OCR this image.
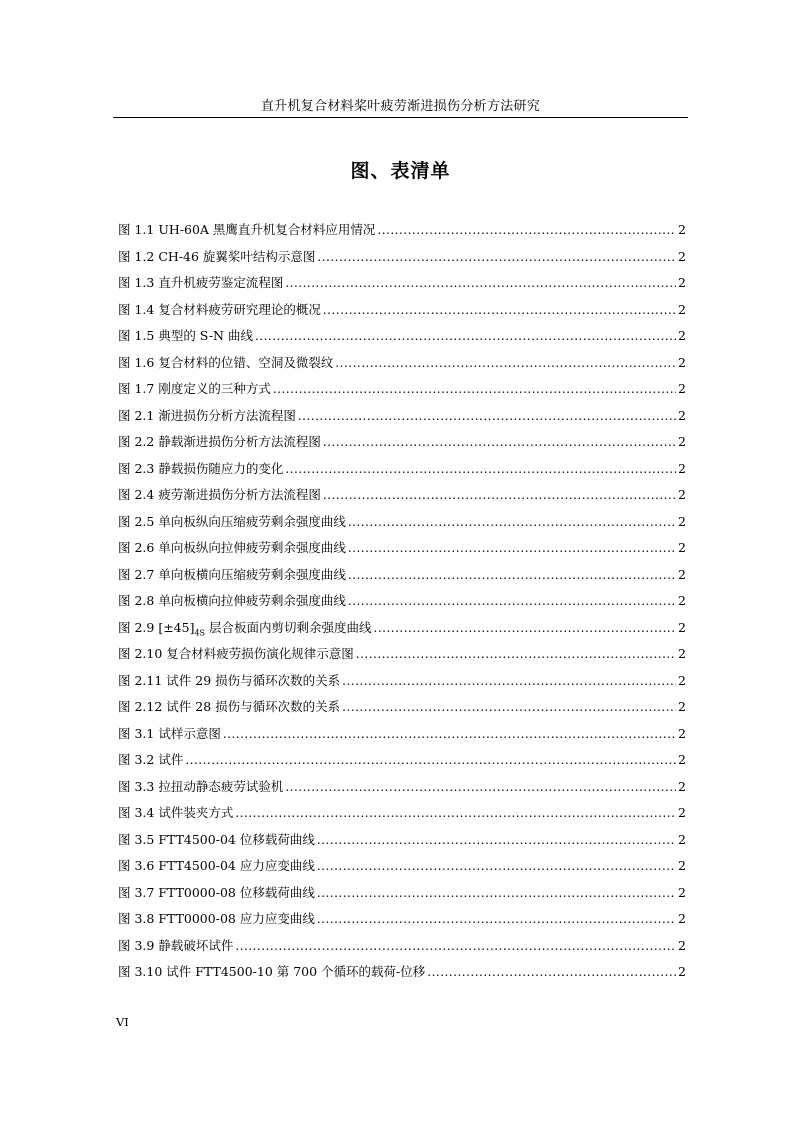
直升机复合材料桨叶疲劳渐进损伤分析方法研究
图、表清单
图 1.1 UH-60A 黑鹰直升机复合材料应用情况 .....	2
图 1.2 CH-46 旋翼桨叶结构示意图 .....	2
图 1.3 直升机疲劳鉴定流程图 .....	2
图 1.4 复合材料疲劳研究理论的概况 .....	2
图 1.5 典型的 S-N 曲线 .....	2
图 1.6 复合材料的位错、空洞及微裂纹 .....	2
图 1.7 刚度定义的三种方式 .....	2
图 2.1 渐进损伤分析方法流程图 .....	2
图 2.2 静载渐进损伤分析方法流程图 .....	2
图 2.3 静载损伤随应力的变化 .....	2
图 2.4 疲劳渐进损伤分析方法流程图 .....	2
图 2.5 单向板纵向压缩疲劳剩余强度曲线 .....	2
图 2.6 单向板纵向拉伸疲劳剩余强度曲线 .....	2
图 2.7 单向板横向压缩疲劳剩余强度曲线 .....	2
图 2.8 单向板横向拉伸疲劳剩余强度曲线 .....	2
图 2.9 $[\pm 45]_{4S}$ 层合板面内剪切剩余强度曲线 .....	2
图 2.10 复合材料疲劳损伤演化规律示意图 .....	2
图 2.11 试件 29 损伤与循环次数的关系 .....	2
图 2.12 试件 28 损伤与循环次数的关系 .....	2
图 3.1 试样示意图 .....	2
图 3.2 试件 .....	2
图 3.3 拉扭动静态疲劳试验机 .....	2
图 3.4 试件装夹方式 .....	2
图 3.5 FTT4500-04 位移载荷曲线 .....	2
图 3.6 FTT4500-04 应力应变曲线 .....	2
图 3.7 FTT0000-08 位移载荷曲线 .....	2
图 3.8 FTT0000-08 应力应变曲线 .....	2
图 3.9 静载破坏试件 .....	2
图 3.10 试件 FTT4500-10 第 700 个循环的载荷-位移 .....	2
VI
